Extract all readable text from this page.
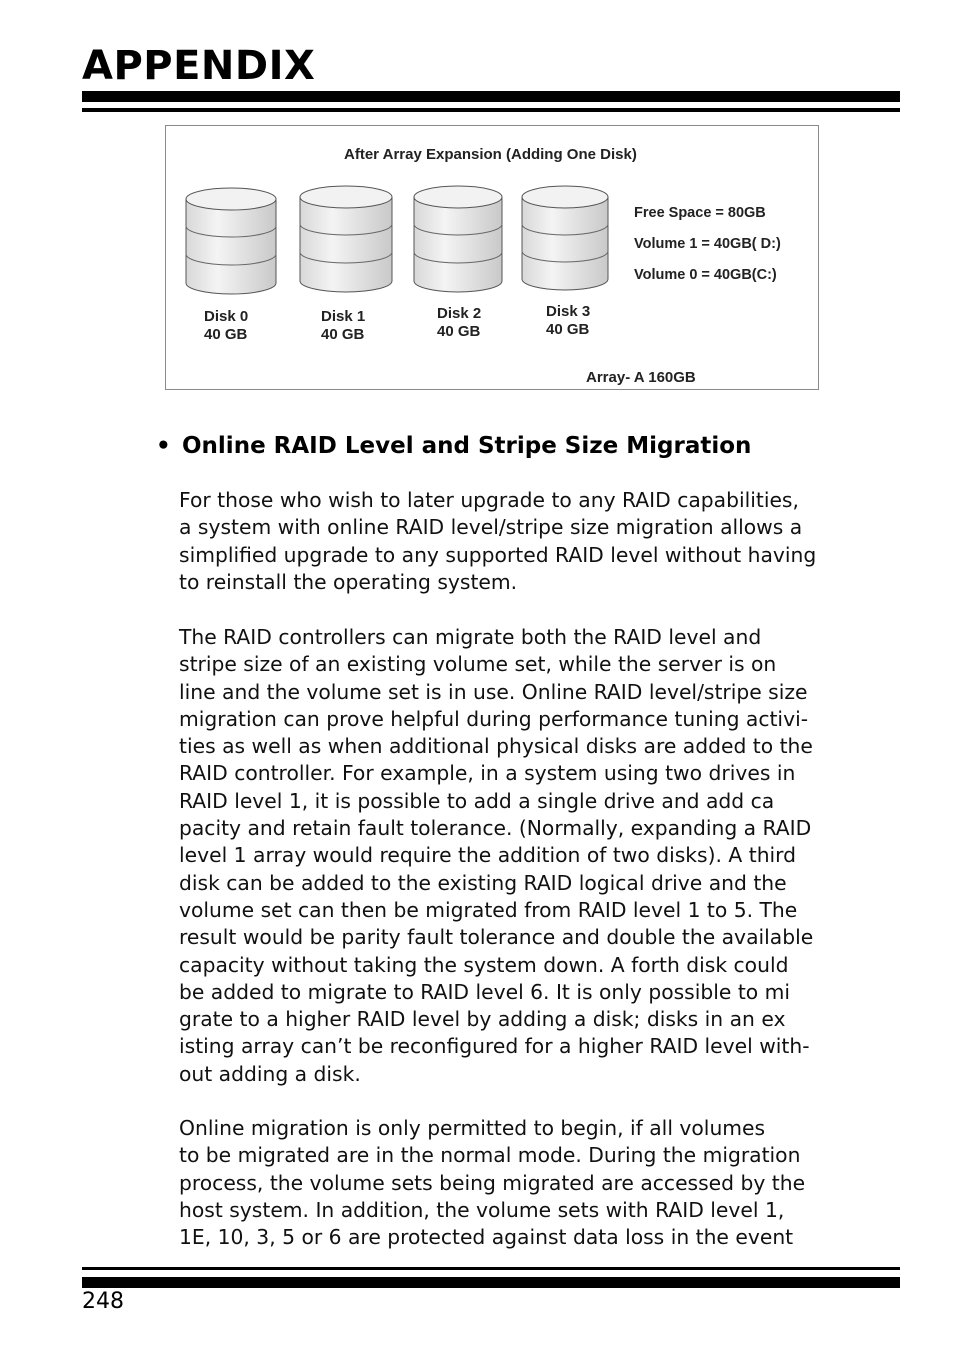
APPENDIX
After Array Expansion (Adding One Disk)
Disk 0
40 GB
Disk 1
40 GB
Disk 2
40 GB
Disk 3
40 GB
Free Space = 80GB
Volume 1 = 40GB( D:)
Volume 0 = 40GB(C:)
Array- A 160GB
• Online RAID Level and Stripe Size Migration

For those who wish to later upgrade to any RAID capabilities,
a system with online RAID level/stripe size migration allows a
simplified upgrade to any supported RAID level without having
to reinstall the operating system.

The RAID controllers can migrate both the RAID level and
stripe size of an existing volume set, while the server is on
line and the volume set is in use. Online RAID level/stripe size
migration can prove helpful during performance tuning activi-
ties as well as when additional physical disks are added to the
RAID controller. For example, in a system using two drives in
RAID level 1, it is possible to add a single drive and add ca
pacity and retain fault tolerance. (Normally, expanding a RAID
level 1 array would require the addition of two disks). A third
disk can be added to the existing RAID logical drive and the
volume set can then be migrated from RAID level 1 to 5. The
result would be parity fault tolerance and double the available
capacity without taking the system down. A forth disk could
be added to migrate to RAID level 6. It is only possible to mi
grate to a higher RAID level by adding a disk; disks in an ex
isting array can’t be reconfigured for a higher RAID level with-
out adding a disk.

Online migration is only permitted to begin, if all volumes
to be migrated are in the normal mode. During the migration
process, the volume sets being migrated are accessed by the
host system. In addition, the volume sets with RAID level 1,
1E, 10, 3, 5 or 6 are protected against data loss in the event

248
